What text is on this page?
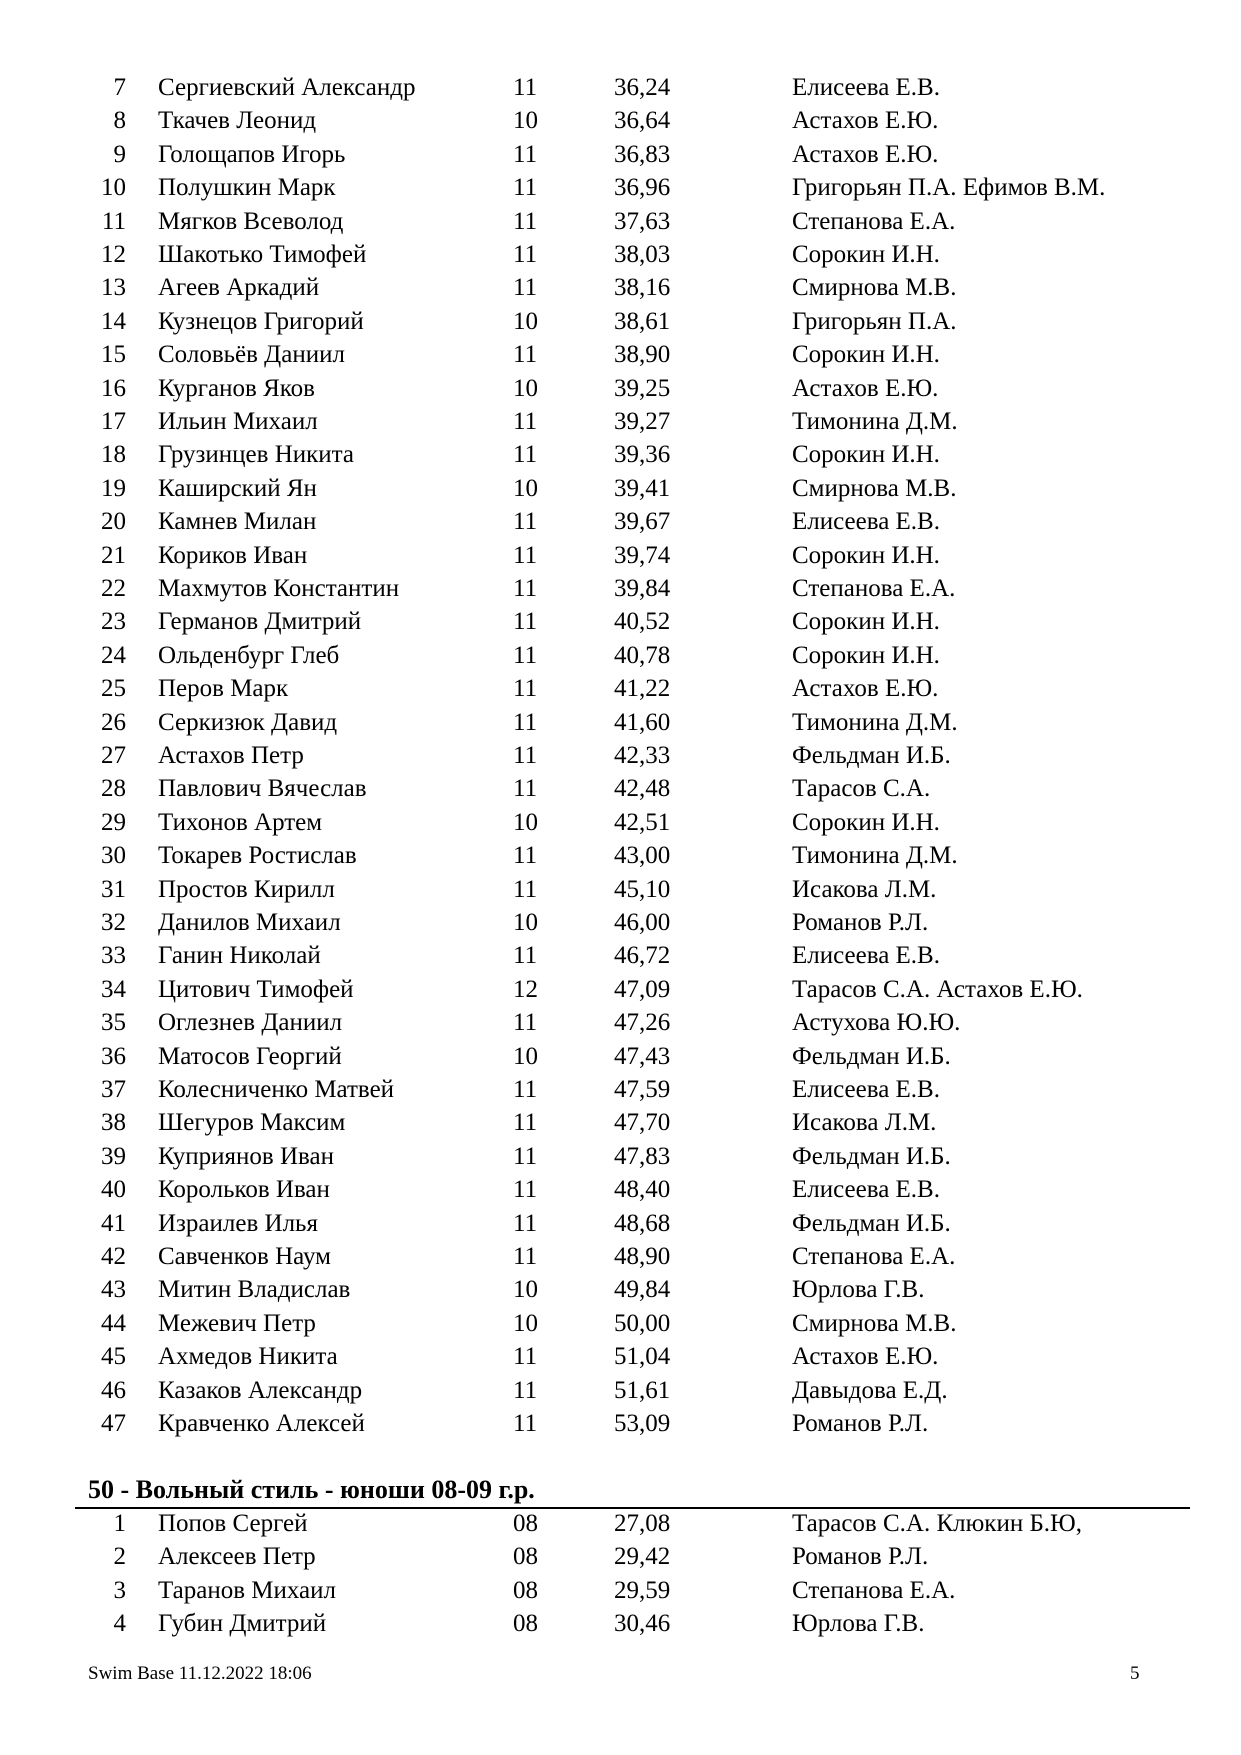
7 Сергиевский Александр	11	36,24	Елисеева Е.В.
8 Ткачев Леонид	10	36,64	Астахов Е.Ю.
9 Голощапов Игорь	11	36,83	Астахов Е.Ю.
10 Полушкин Марк	11	36,96	Григорьян П.А. Ефимов В.М.
11 Мягков Всеволод	11	37,63	Степанова Е.А.
12 Шакотько Тимофей	11	38,03	Сорокин И.Н.
13 Агеев Аркадий	11	38,16	Смирнова М.В.
14 Кузнецов Григорий	10	38,61	Григорьян П.А.
15 Соловьёв Даниил	11	38,90	Сорокин И.Н.
16 Курганов Яков	10	39,25	Астахов Е.Ю.
17 Ильин Михаил	11	39,27	Тимонина Д.М.
18 Грузинцев Никита	11	39,36	Сорокин И.Н.
19 Каширский Ян	10	39,41	Смирнова М.В.
20 Камнев Милан	11	39,67	Елисеева Е.В.
21 Кориков Иван	11	39,74	Сорокин И.Н.
22 Махмутов Константин	11	39,84	Степанова Е.А.
23 Германов Дмитрий	11	40,52	Сорокин И.Н.
24 Ольденбург Глеб	11	40,78	Сорокин И.Н.
25 Перов Марк	11	41,22	Астахов Е.Ю.
26 Серкизюк Давид	11	41,60	Тимонина Д.М.
27 Астахов Петр	11	42,33	Фельдман И.Б.
28 Павлович Вячеслав	11	42,48	Тарасов С.А.
29 Тихонов Артем	10	42,51	Сорокин И.Н.
30 Токарев Ростислав	11	43,00	Тимонина Д.М.
31 Простов Кирилл	11	45,10	Исакова Л.М.
32 Данилов Михаил	10	46,00	Романов Р.Л.
33 Ганин Николай	11	46,72	Елисеева Е.В.
34 Цитович Тимофей	12	47,09	Тарасов С.А. Астахов Е.Ю.
35 Оглезнев Даниил	11	47,26	Астухова Ю.Ю.
36 Матосов Георгий	10	47,43	Фельдман И.Б.
37 Колесниченко Матвей	11	47,59	Елисеева Е.В.
38 Шегуров Максим	11	47,70	Исакова Л.М.
39 Куприянов Иван	11	47,83	Фельдман И.Б.
40 Корольков Иван	11	48,40	Елисеева Е.В.
41 Израилев Илья	11	48,68	Фельдман И.Б.
42 Савченков Наум	11	48,90	Степанова Е.А.
43 Митин Владислав	10	49,84	Юрлова Г.В.
44 Межевич Петр	10	50,00	Смирнова М.В.
45 Ахмедов Никита	11	51,04	Астахов Е.Ю.
46 Казаков Александр	11	51,61	Давыдова Е.Д.
47 Кравченко Алексей	11	53,09	Романов Р.Л.
50 - Вольный стиль - юноши 08-09 г.р.
1 Попов Сергей	08	27,08	Тарасов С.А. Клюкин Б.Ю,
2 Алексеев Петр	08	29,42	Романов Р.Л.
3 Таранов Михаил	08	29,59	Степанова Е.А.
4 Губин Дмитрий	08	30,46	Юрлова Г.В.
Swim Base 11.12.2022 18:06	5
